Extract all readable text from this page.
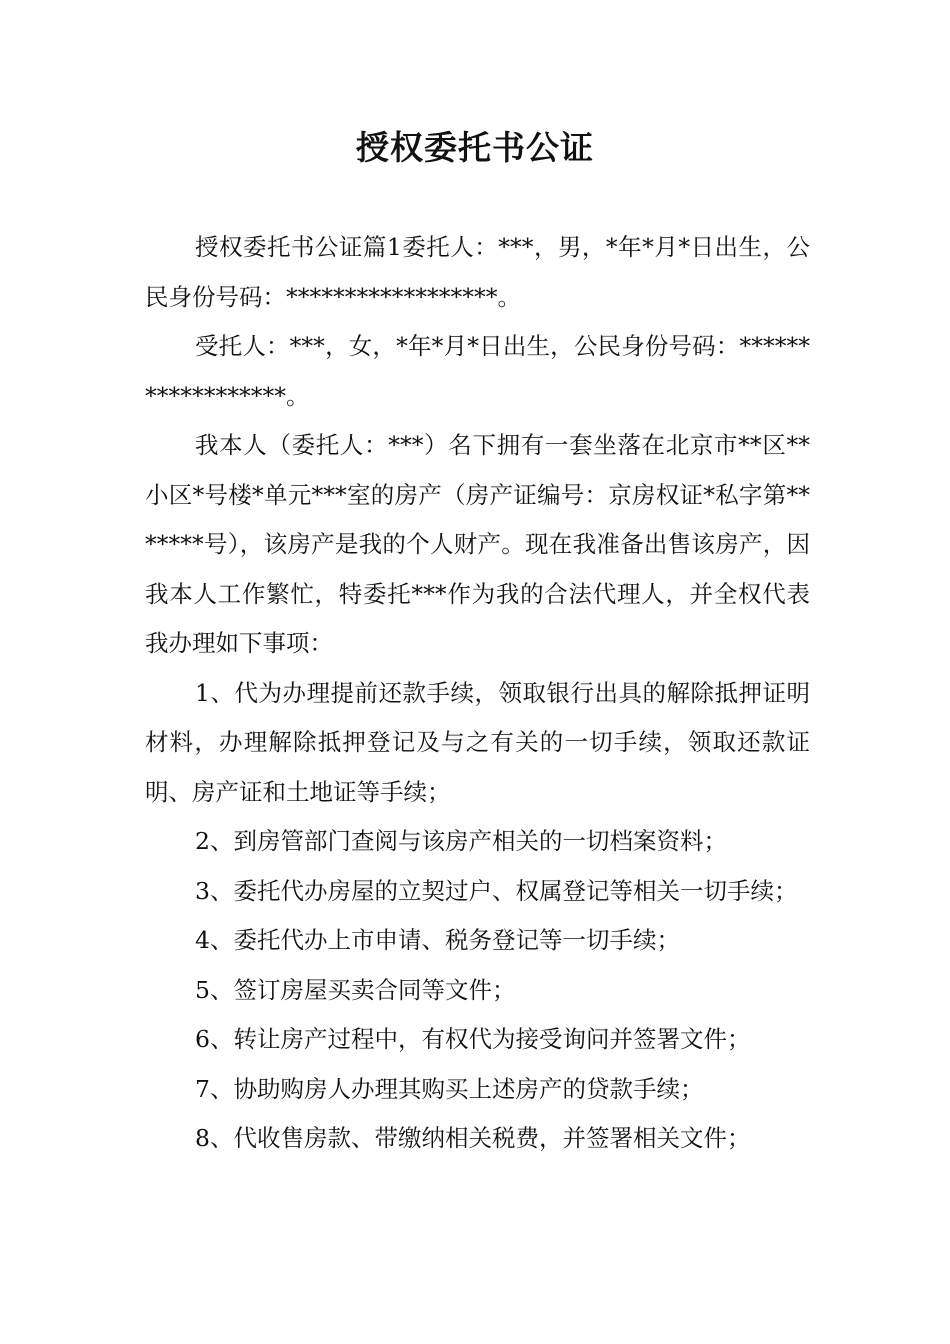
授权委托书公证

授权委托书公证篇1委托人：***，男，*年*月*日出生，公民身份号码：******************。

受托人：***，女，*年*月*日出生，公民身份号码：******************。

我本人（委托人：***）名下拥有一套坐落在北京市**区**小区*号楼*单元***室的房产（房产证编号：京房权证*私字第*******号），该房产是我的个人财产。现在我准备出售该房产，因我本人工作繁忙，特委托***作为我的合法代理人，并全权代表我办理如下事项：

1、代为办理提前还款手续，领取银行出具的解除抵押证明材料，办理解除抵押登记及与之有关的一切手续，领取还款证明、房产证和土地证等手续；

2、到房管部门查阅与该房产相关的一切档案资料；

3、委托代办房屋的立契过户、权属登记等相关一切手续；

4、委托代办上市申请、税务登记等一切手续；

5、签订房屋买卖合同等文件；

6、转让房产过程中，有权代为接受询问并签署文件；

7、协助购房人办理其购买上述房产的贷款手续；

8、代收售房款、带缴纳相关税费，并签署相关文件；
